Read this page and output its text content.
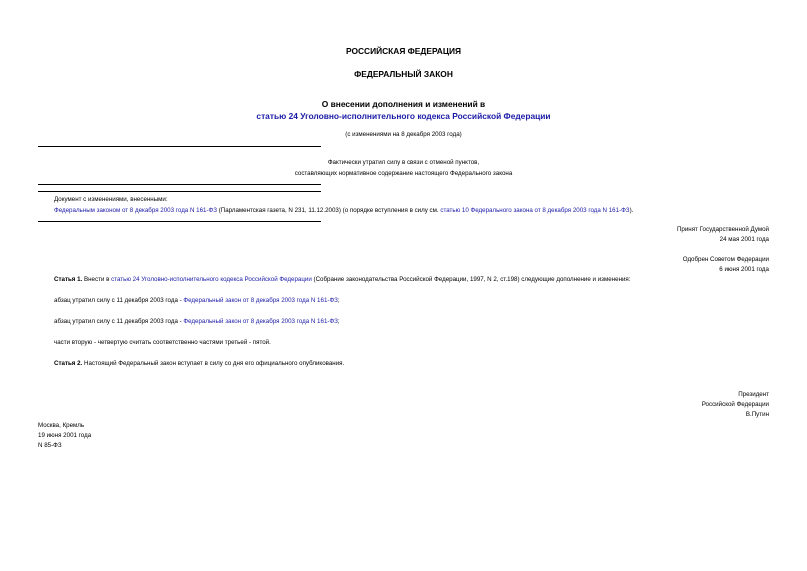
РОССИЙСКАЯ ФЕДЕРАЦИЯ
ФЕДЕРАЛЬНЫЙ ЗАКОН
О внесении дополнения и изменений в
статью 24 Уголовно-исполнительного кодекса Российской Федерации
(с изменениями на 8 декабря 2003 года)
Фактически утратил силу в связи с отменой пунктов,
составляющих нормативное содержание настоящего Федерального закона
Документ с изменениями, внесенными:
Федеральным законом от 8 декабря 2003 года N 161-ФЗ (Парламентская газета, N 231, 11.12.2003) (о порядке вступления в силу см. статью 10 Федерального закона от 8 декабря 2003 года N 161-ФЗ).
Принят Государственной Думой
24 мая 2001 года
Одобрен Советом Федерации
6 июня 2001 года
Статья 1. Внести в статью 24 Уголовно-исполнительного кодекса Российской Федерации (Собрание законодательства Российской Федерации, 1997, N 2, ст.198) следующие дополнение и изменения:
абзац утратил силу с 11 декабря 2003 года - Федеральный закон от 8 декабря 2003 года N 161-ФЗ;
абзац утратил силу с 11 декабря 2003 года - Федеральный закон от 8 декабря 2003 года N 161-ФЗ;
части вторую - четвертую считать соответственно частями третьей - пятой.
Статья 2. Настоящий Федеральный закон вступает в силу со дня его официального опубликования.
Президент
Российской Федерации
В.Путин
Москва, Кремль
19 июня 2001 года
N 85-ФЗ
